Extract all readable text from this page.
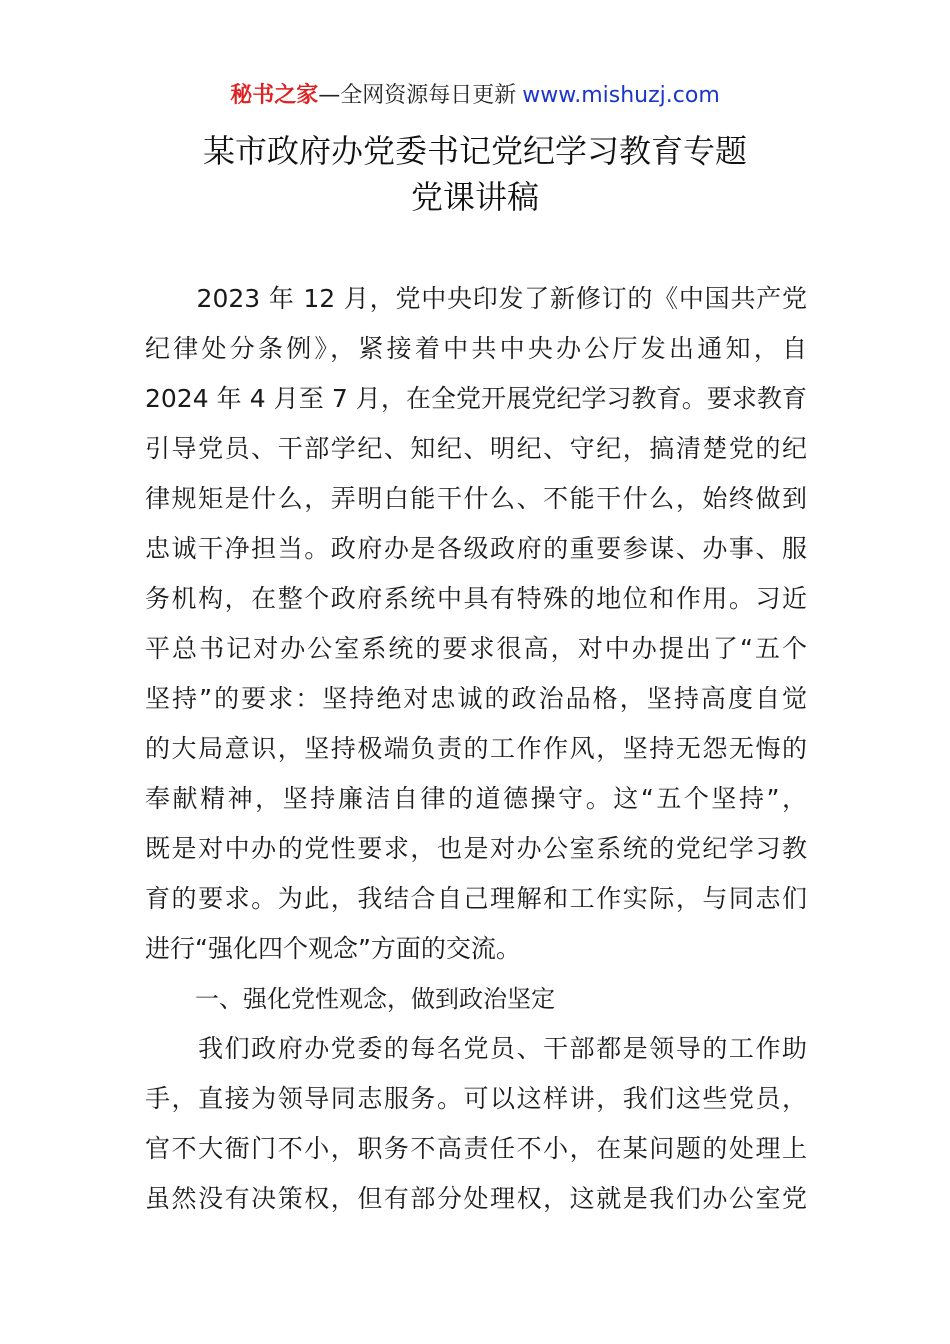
秘书之家—全网资源每日更新 www.mishuzj.com
某市政府办党委书记党纪学习教育专题
党课讲稿
　　2023 年 12 月，党中央印发了新修订的《中国共产党
纪律处分条例》，紧接着中共中央办公厅发出通知，自
2024 年 4 月至 7 月，在全党开展党纪学习教育。要求教育
引导党员、干部学纪、知纪、明纪、守纪，搞清楚党的纪
律规矩是什么，弄明白能干什么、不能干什么，始终做到
忠诚干净担当。政府办是各级政府的重要参谋、办事、服
务机构，在整个政府系统中具有特殊的地位和作用。习近
平总书记对办公室系统的要求很高，对中办提出了“五个
坚持”的要求：坚持绝对忠诚的政治品格，坚持高度自觉
的大局意识，坚持极端负责的工作作风，坚持无怨无悔的
奉献精神，坚持廉洁自律的道德操守。这“五个坚持”，
既是对中办的党性要求，也是对办公室系统的党纪学习教
育的要求。为此，我结合自己理解和工作实际，与同志们
进行“强化四个观念”方面的交流。
一、强化党性观念，做到政治坚定
　　我们政府办党委的每名党员、干部都是领导的工作助
手，直接为领导同志服务。可以这样讲，我们这些党员，
官不大衙门不小，职务不高责任不小，在某问题的处理上
虽然没有决策权，但有部分处理权，这就是我们办公室党
